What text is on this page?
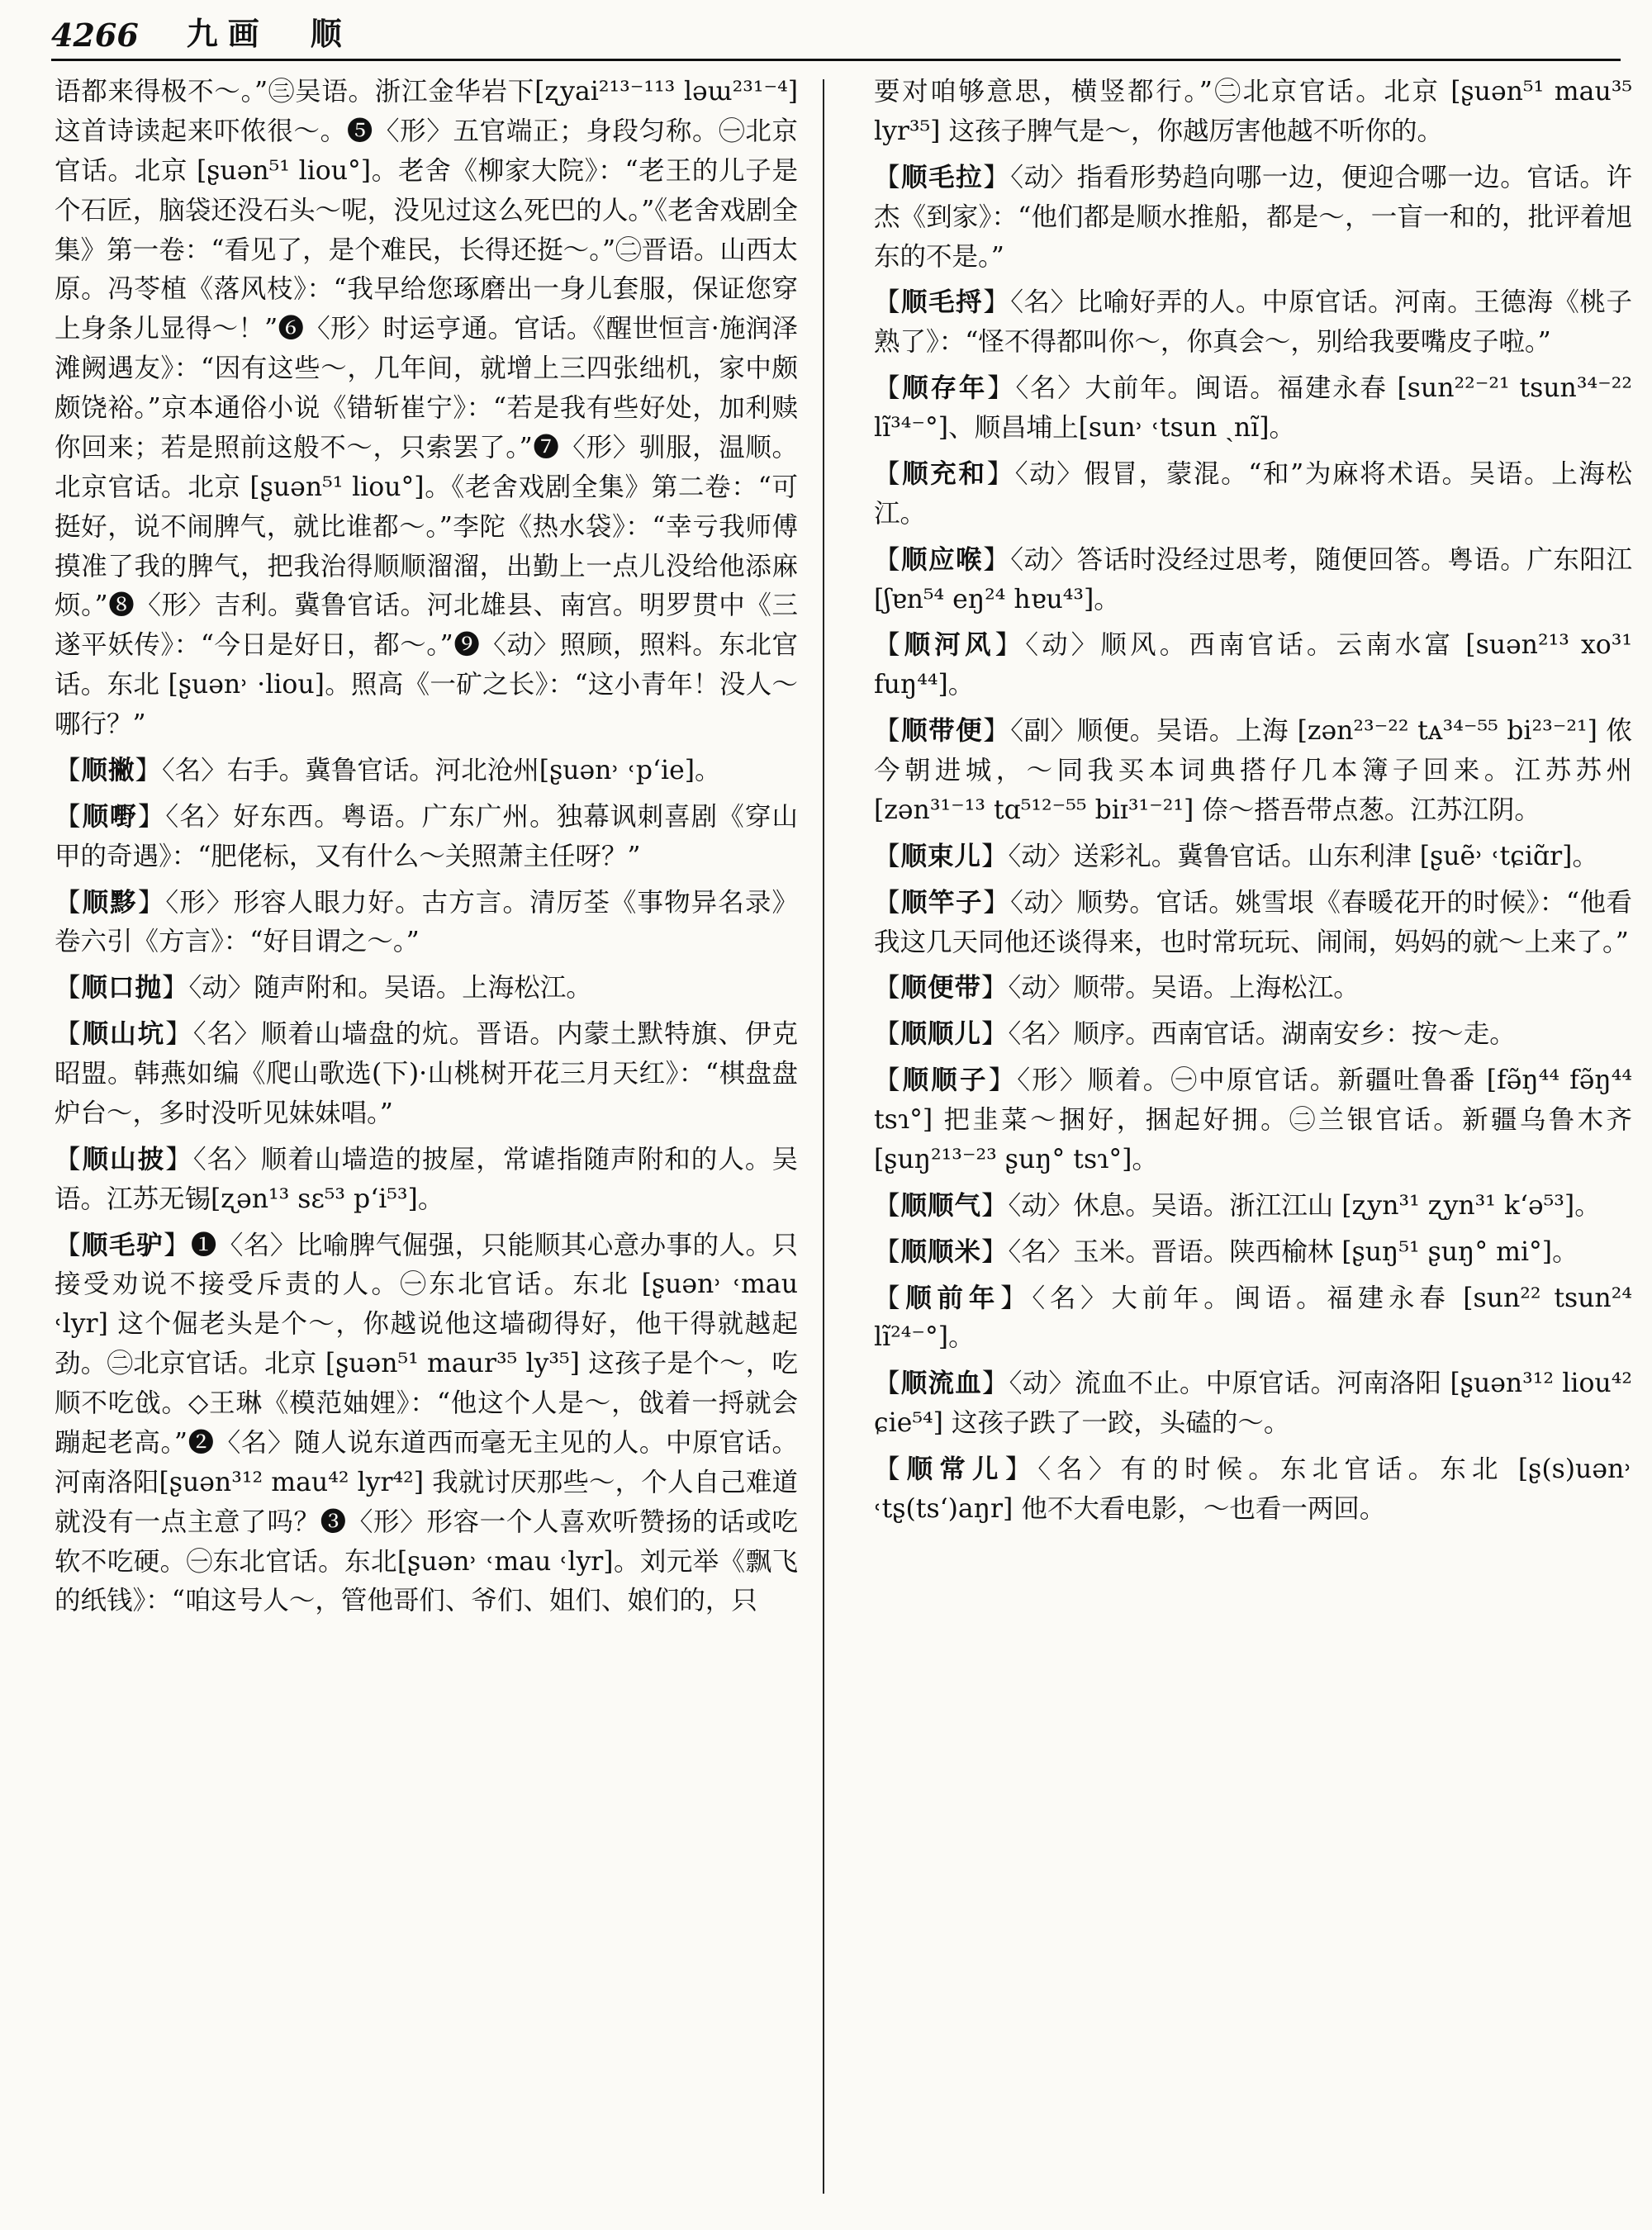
4266 九画　顺

语都来得极不～。”㊂吴语。浙江金华岩下[ʐyai²¹³⁻¹¹³ ləɯ²³¹⁻⁴] 这首诗读起来吓侬很～。❺〈形〉五官端正；身段匀称。㊀北京官话。北京 [ʂuən⁵¹ liou°]。老舍《柳家大院》：“老王的儿子是个石匠，脑袋还没石头～呢，没见过这么死巴的人。”《老舍戏剧全集》第一卷：“看见了，是个难民，长得还挺～。”㊁晋语。山西太原。冯苓植《落风枝》：“我早给您琢磨出一身儿套服，保证您穿上身条儿显得～！”❻〈形〉时运亨通。官话。《醒世恒言·施润泽滩阙遇友》：“因有这些～，几年间，就增上三四张绌机，家中颇颇饶裕。”京本通俗小说《错斩崔宁》：“若是我有些好处，加利赎你回来；若是照前这般不～，只索罢了。”❼〈形〉驯服，温顺。北京官话。北京 [ʂuən⁵¹ liou°]。《老舍戏剧全集》第二卷：“可挺好，说不闹脾气，就比谁都～。”李陀《热水袋》：“幸亏我师傅摸准了我的脾气，把我治得顺顺溜溜，出勤上一点儿没给他添麻烦。”❽〈形〉吉利。冀鲁官话。河北雄县、南宫。明罗贯中《三遂平妖传》：“今日是好日，都～。”❾〈动〉照顾，照料。东北官话。东北 [ʂuən˒ ·liou]。照高《一矿之长》：“这小青年！没人～哪行？”

【顺撇】〈名〉右手。冀鲁官话。河北沧州[ʂuən˒ ˓p‘ie]。

【顺嘢】〈名〉好东西。粤语。广东广州。独幕讽刺喜剧《穿山甲的奇遇》：“肥佬标，又有什么～关照萧主任呀？”

【顺黟】〈形〉形容人眼力好。古方言。清厉荃《事物异名录》卷六引《方言》：“好目谓之～。”

【顺口抛】〈动〉随声附和。吴语。上海松江。

【顺山坑】〈名〉顺着山墙盘的炕。晋语。内蒙土默特旗、伊克昭盟。韩燕如编《爬山歌选(下)·山桃树开花三月天红》：“棋盘盘炉台～，多时没听见妹妹唱。”

【顺山披】〈名〉顺着山墙造的披屋，常谑指随声附和的人。吴语。江苏无锡[ʐən¹³ sɛ⁵³ p‘i⁵³]。

【顺毛驴】❶〈名〉比喻脾气倔强，只能顺其心意办事的人。只接受劝说不接受斥责的人。㊀东北官话。东北 [ʂuən˒ ˓mau ˓lyr] 这个倔老头是个～，你越说他这墙砌得好，他干得就越起劲。㊁北京官话。北京 [ʂuən⁵¹ maur³⁵ ly³⁵] 这孩子是个～，吃顺不吃戗。◇王琳《模范妯娌》：“他这个人是～，戗着一捋就会蹦起老高。”❷〈名〉随人说东道西而毫无主见的人。中原官话。河南洛阳[ʂuən³¹² mau⁴² lyr⁴²] 我就讨厌那些～，个人自己难道就没有一点主意了吗？❸〈形〉形容一个人喜欢听赞扬的话或吃软不吃硬。㊀东北官话。东北[ʂuən˒ ˓mau ˓lyr]。刘元举《飘飞的纸钱》：“咱这号人～，管他哥们、爷们、姐们、娘们的，只

要对咱够意思，横竖都行。”㊁北京官话。北京 [ʂuən⁵¹ mau³⁵ lyr³⁵] 这孩子脾气是～，你越厉害他越不听你的。

【顺毛拉】〈动〉指看形势趋向哪一边，便迎合哪一边。官话。许杰《到家》：“他们都是顺水推船，都是～，一盲一和的，批评着旭东的不是。”

【顺毛捋】〈名〉比喻好弄的人。中原官话。河南。王德海《桃子熟了》：“怪不得都叫你～，你真会～，别给我要嘴皮子啦。”

【顺存年】〈名〉大前年。闽语。福建永春 [sun²²⁻²¹ tsun³⁴⁻²² lĩ³⁴⁻°]、顺昌埔上[sun˒ ˓tsun ˎnĩ]。

【顺充和】〈动〉假冒，蒙混。“和”为麻将术语。吴语。上海松江。

【顺应喉】〈动〉答话时没经过思考，随便回答。粤语。广东阳江[ʃɐn⁵⁴ eŋ²⁴ hɐu⁴³]。

【顺河风】〈动〉顺风。西南官话。云南水富 [suən²¹³ xo³¹ fuŋ⁴⁴]。

【顺带便】〈副〉顺便。吴语。上海 [zən²³⁻²² tᴀ³⁴⁻⁵⁵ bi²³⁻²¹] 侬今朝进城，～同我买本词典搭仔几本簿子回来。江苏苏州 [zən³¹⁻¹³ tɑ⁵¹²⁻⁵⁵ biɪ³¹⁻²¹] 倷～搭吾带点葱。江苏江阴。

【顺束儿】〈动〉送彩礼。冀鲁官话。山东利津 [ʂuẽ˒ ˓tɕiɑ̃r]。

【顺竿子】〈动〉顺势。官话。姚雪垠《春暖花开的时候》：“他看我这几天同他还谈得来，也时常玩玩、闹闹，妈妈的就～上来了。”

【顺便带】〈动〉顺带。吴语。上海松江。

【顺顺儿】〈名〉顺序。西南官话。湖南安乡：按～走。

【顺顺子】〈形〉顺着。㊀中原官话。新疆吐鲁番 [fə̃ŋ⁴⁴ fə̃ŋ⁴⁴ tsɿ°] 把韭菜～捆好，捆起好拥。㊁兰银官话。新疆乌鲁木齐 [ʂuŋ²¹³⁻²³ ʂuŋ° tsɿ°]。

【顺顺气】〈动〉休息。吴语。浙江江山 [ʐyn³¹ ʐyn³¹ k‘ə⁵³]。

【顺顺米】〈名〉玉米。晋语。陕西榆林 [ʂuŋ⁵¹ ʂuŋ° mi°]。

【顺前年】〈名〉大前年。闽语。福建永春 [sun²² tsun²⁴ lĩ²⁴⁻°]。

【顺流血】〈动〉流血不止。中原官话。河南洛阳 [ʂuən³¹² liou⁴² ɕie⁵⁴] 这孩子跌了一跤，头磕的～。

【顺常儿】〈名〉有的时候。东北官话。东北 [ʂ(s)uən˒ ˓tʂ(ts‘)aŋr] 他不大看电影，～也看一两回。
